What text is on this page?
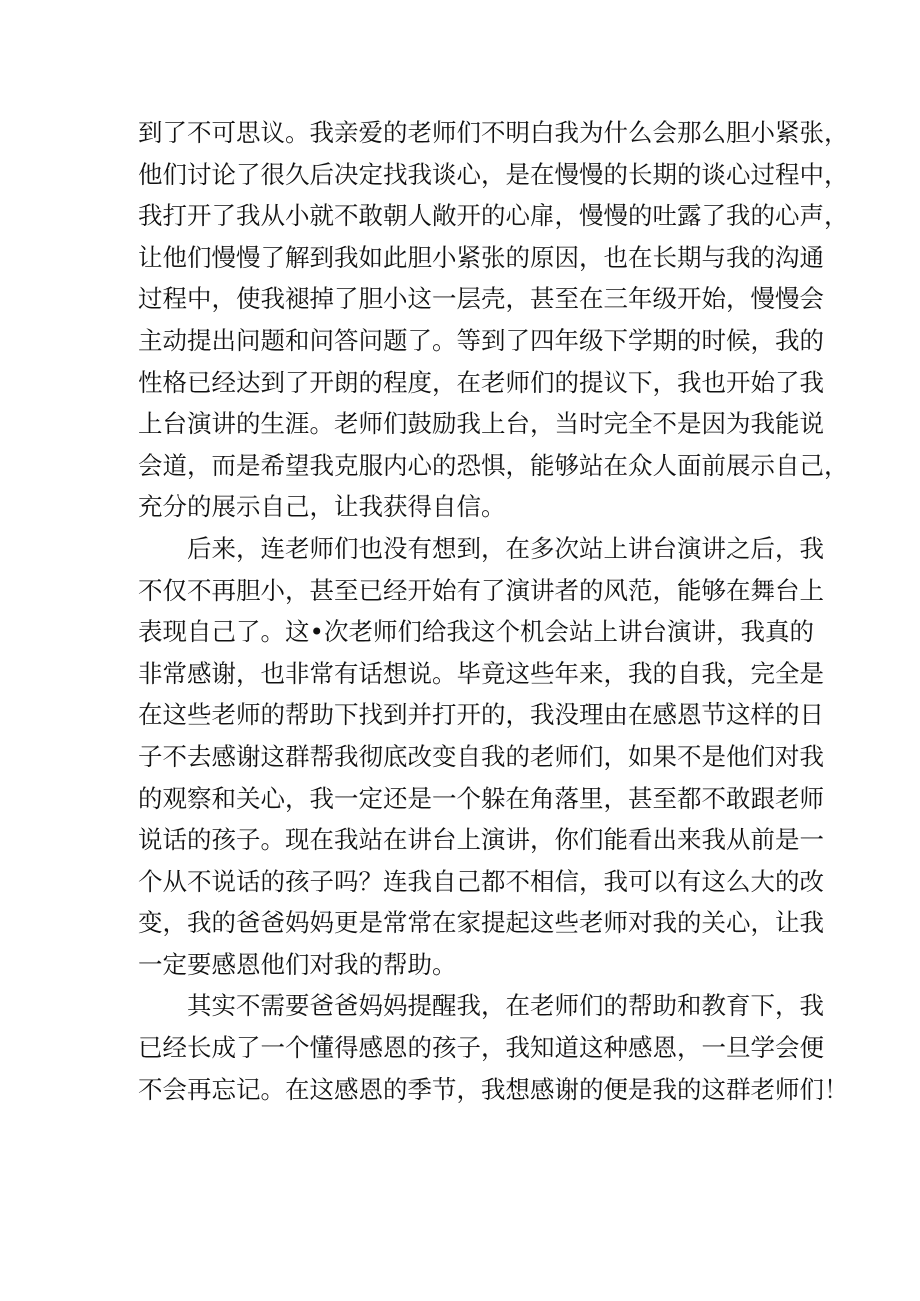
到了不可思议。我亲爱的老师们不明白我为什么会那么胆小紧张，
他们讨论了很久后决定找我谈心，是在慢慢的长期的谈心过程中，
我打开了我从小就不敢朝人敞开的心扉，慢慢的吐露了我的心声，
让他们慢慢了解到我如此胆小紧张的原因，也在长期与我的沟通
过程中，使我褪掉了胆小这一层壳，甚至在三年级开始，慢慢会
主动提出问题和问答问题了。等到了四年级下学期的时候，我的
性格已经达到了开朗的程度，在老师们的提议下，我也开始了我
上台演讲的生涯。老师们鼓励我上台，当时完全不是因为我能说
会道，而是希望我克服内心的恐惧，能够站在众人面前展示自己，
充分的展示自己，让我获得自信。
后来，连老师们也没有想到，在多次站上讲台演讲之后，我
不仅不再胆小，甚至已经开始有了演讲者的风范，能够在舞台上
表现自己了。这•次老师们给我这个机会站上讲台演讲，我真的
非常感谢，也非常有话想说。毕竟这些年来，我的自我，完全是
在这些老师的帮助下找到并打开的，我没理由在感恩节这样的日
子不去感谢这群帮我彻底改变自我的老师们，如果不是他们对我
的观察和关心，我一定还是一个躲在角落里，甚至都不敢跟老师
说话的孩子。现在我站在讲台上演讲，你们能看出来我从前是一
个从不说话的孩子吗？连我自己都不相信，我可以有这么大的改
变，我的爸爸妈妈更是常常在家提起这些老师对我的关心，让我
一定要感恩他们对我的帮助。
其实不需要爸爸妈妈提醒我，在老师们的帮助和教育下，我
已经长成了一个懂得感恩的孩子，我知道这种感恩，一旦学会便
不会再忘记。在这感恩的季节，我想感谢的便是我的这群老师们！
